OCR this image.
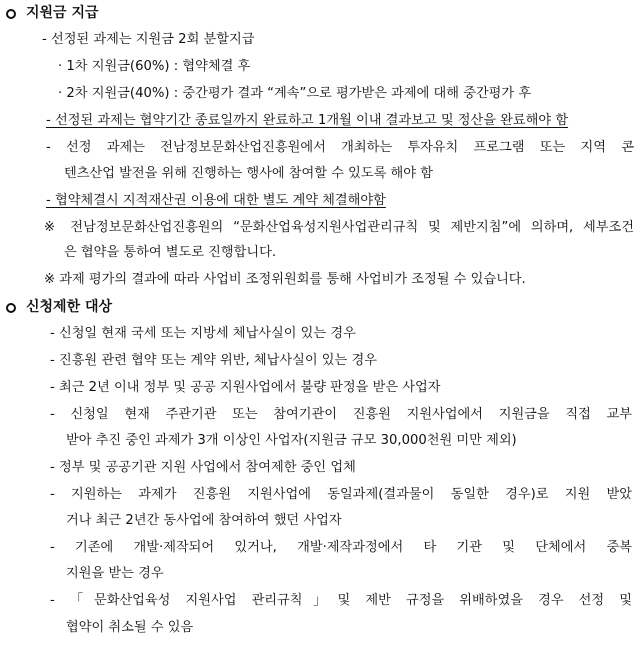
지원금 지급
- 선정된 과제는 지원금 2회 분할지급
· 1차 지원금(60%) : 협약체결 후
· 2차 지원금(40%) : 중간평가 결과 “계속”으로 평가받은 과제에 대해 중간평가 후
- 선정된 과제는 협약기간 종료일까지 완료하고 1개월 이내 결과보고 및 정산을 완료해야 함
- 선정 과제는 전남정보문화산업진흥원에서 개최하는 투자유치 프로그램 또는 지역 콘
텐츠산업 발전을 위해 진행하는 행사에 참여할 수 있도록 해야 함
- 협약체결시 지적재산권 이용에 대한 별도 계약 체결해야함
※ 전남정보문화산업진흥원의 “문화산업육성지원사업관리규칙 및 제반지침”에 의하며, 세부조건
은 협약을 통하여 별도로 진행합니다.
※ 과제 평가의 결과에 따라 사업비 조정위원회를 통해 사업비가 조정될 수 있습니다.
신청제한 대상
- 신청일 현재 국세 또는 지방세 체납사실이 있는 경우
- 진흥원 관련 협약 또는 계약 위반, 체납사실이 있는 경우
- 최근 2년 이내 정부 및 공공 지원사업에서 불량 판정을 받은 사업자
- 신청일 현재 주관기관 또는 참여기관이 진흥원 지원사업에서 지원금을 직접 교부
받아 추진 중인 과제가 3개 이상인 사업자(지원금 규모 30,000천원 미만 제외)
- 정부 및 공공기관 지원 사업에서 참여제한 중인 업체
- 지원하는 과제가 진흥원 지원사업에 동일과제(결과물이 동일한 경우)로 지원 받았
거나 최근 2년간 동사업에 참여하여 했던 사업자
- 기존에 개발·제작되어 있거나, 개발·제작과정에서 타 기관 및 단체에서 중복
지원을 받는 경우
- 「문화산업육성 지원사업 관리규칙」및 제반 규정을 위배하였을 경우 선정 및
협약이 취소될 수 있음
